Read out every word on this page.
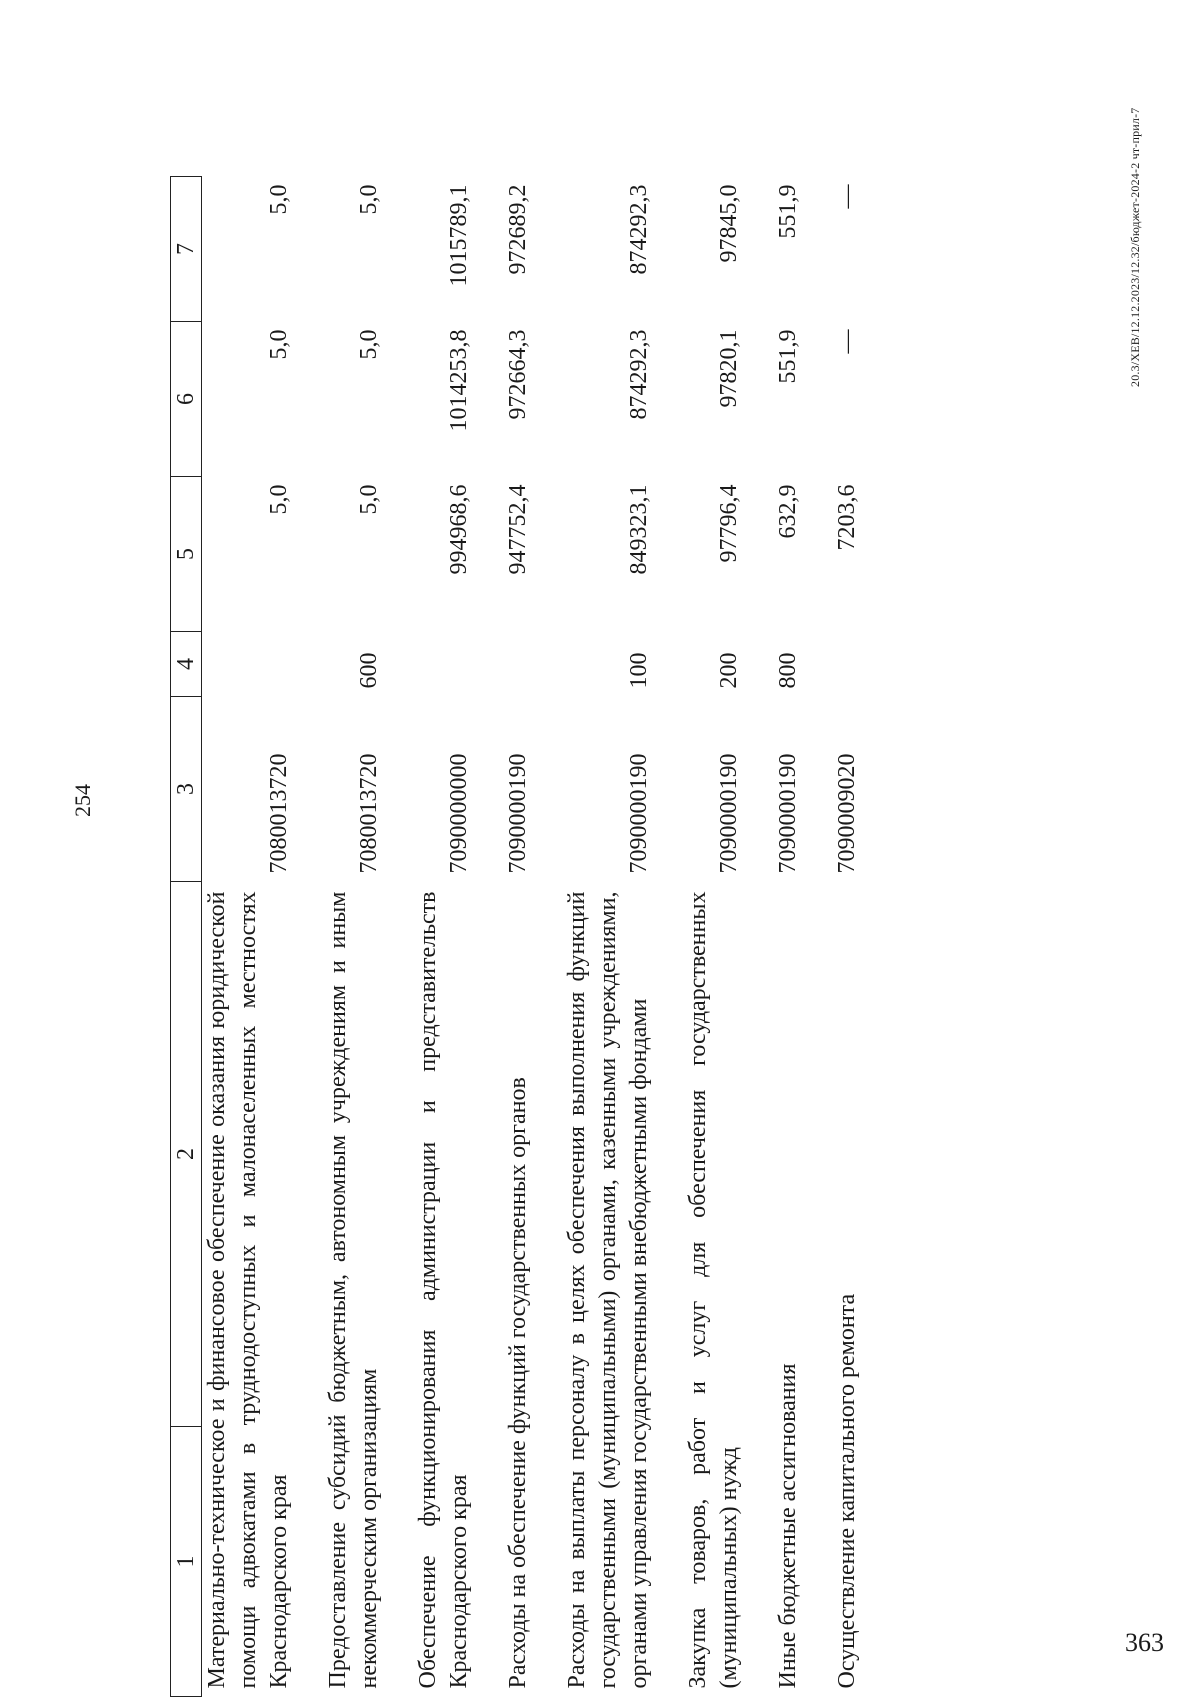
254
1	2	3	4	5	6	7
Материально-техническое и финансовое обеспечение оказания юридической помощи адвокатами в труднодоступных и малонаселенных местностях Краснодарского края		7080013720		5,0	5,0	5,0

Предоставление субсидий бюджетным, автономным учреждениям и иным некоммерческим организациям		7080013720	600	5,0	5,0	5,0

Обеспечение функционирования администрации и представительств Краснодарского края		7090000000		994968,6	1014253,8	1015789,1

Расходы на обеспечение функций государственных органов		7090000190		947752,4	972664,3	972689,2

Расходы на выплаты персоналу в целях обеспечения выполнения функций государственными (муниципальными) органами, казенными учреждениями, органами управления государственными внебюджетными фондами		7090000190	100	849323,1	874292,3	874292,3

Закупка товаров, работ и услуг для обеспечения государственных (муниципальных) нужд		7090000190	200	97796,4	97820,1	97845,0

Иные бюджетные ассигнования		7090000190	800	632,9	551,9	551,9

Осуществление капитального ремонта		7090009020		7203,6	—	—	20.3/XEB/12.12.2023/12.32/бюджет-2024-2 чт-прил-7
363
